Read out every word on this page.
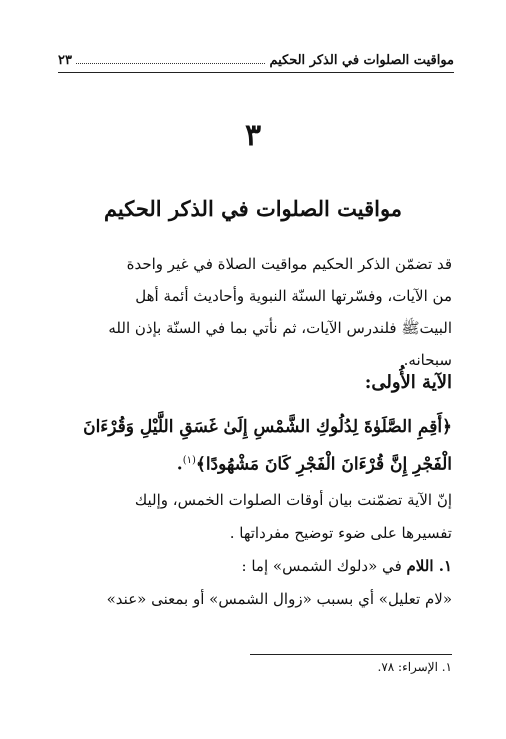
مواقيت الصلوات في الذكر الحكيم
٢٣
٣
مواقيت الصلوات في الذكر الحكيم
قد تضمّن الذكر الحكيم مواقيت الصلاة في غير واحدة
من الآيات، وفسّرتها السنّة النبوية وأحاديث أئمة أهل
البيتﷺ فلندرس الآيات، ثم نأتي بما في السنّة بإذن الله
سبحانه.
الآية الأُولى:
﴿أَقِمِ الصَّلَوٰةَ لِدُلُوكِ الشَّمْسِ إِلَىٰ غَسَقِ اللَّيْلِ وَقُرْءَانَ
الْفَجْرِ إِنَّ قُرْءَانَ الْفَجْرِ كَانَ مَشْهُودًا﴾$^{(١)}$.
إنّ الآية تضمّنت بيان أوقات الصلوات الخمس، وإليك
تفسيرها على ضوء توضيح مفرداتها .
١. اللام في «دلوك الشمس» إما :
«لام تعليل» أي بسبب «زوال الشمس» أو بمعنى «عند»
١. الإسراء: ٧٨.
